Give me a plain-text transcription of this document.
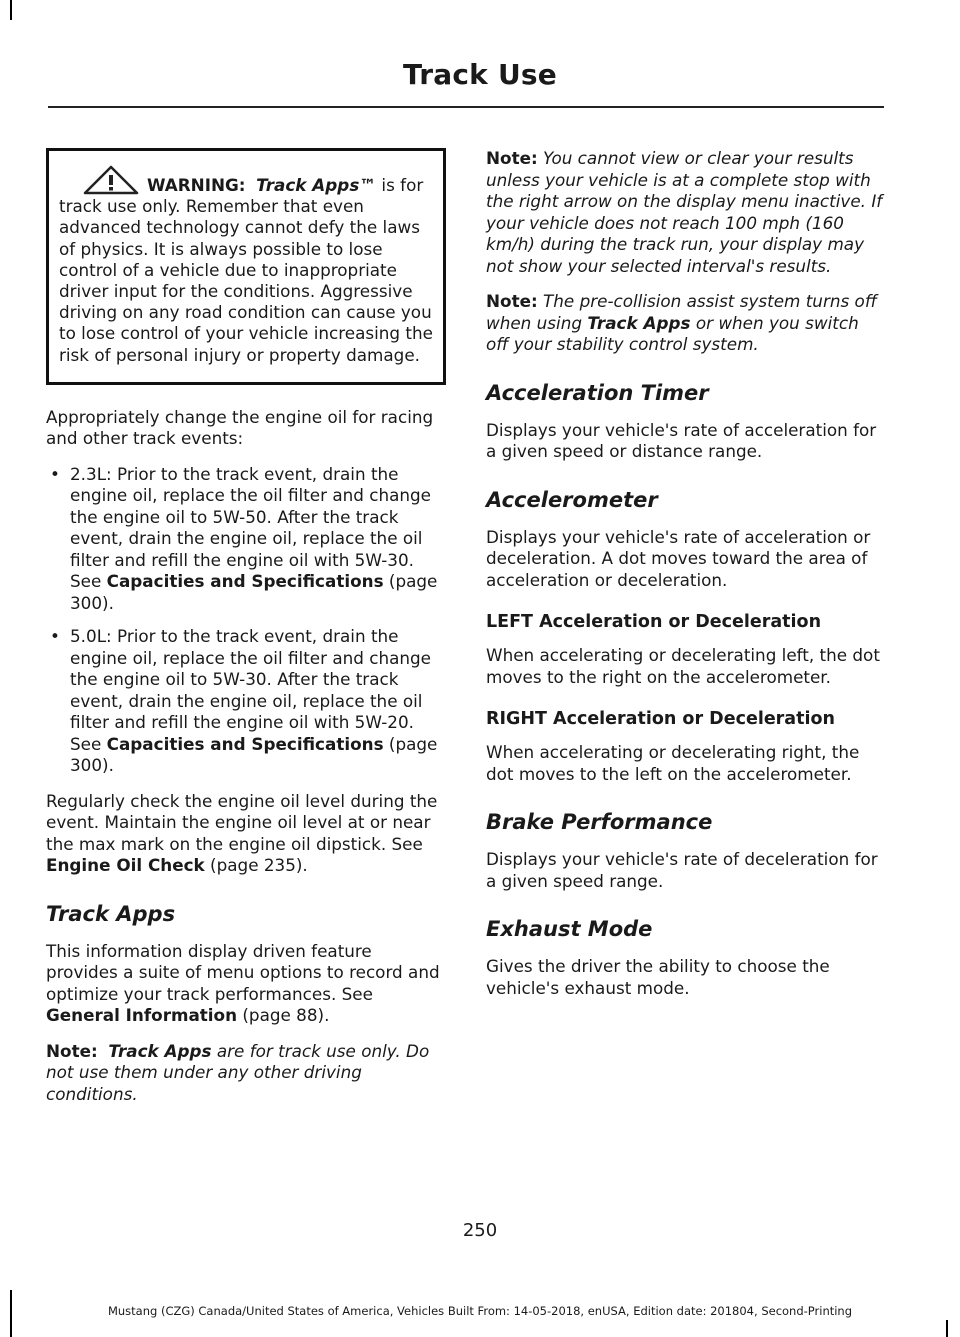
Track Use
WARNING: Track Apps™ is for track use only. Remember that even advanced technology cannot defy the laws of physics. It is always possible to lose control of a vehicle due to inappropriate driver input for the conditions. Aggressive driving on any road condition can cause you to lose control of your vehicle increasing the risk of personal injury or property damage.

Appropriately change the engine oil for racing and other track events:

• 2.3L: Prior to the track event, drain the engine oil, replace the oil filter and change the engine oil to 5W-50. After the track event, drain the engine oil, replace the oil filter and refill the engine oil with 5W-30. See Capacities and Specifications (page 300).
• 5.0L: Prior to the track event, drain the engine oil, replace the oil filter and change the engine oil to 5W-30. After the track event, drain the engine oil, replace the oil filter and refill the engine oil with 5W-20. See Capacities and Specifications (page 300).

Regularly check the engine oil level during the event. Maintain the engine oil level at or near the max mark on the engine oil dipstick. See Engine Oil Check (page 235).

Track Apps

This information display driven feature provides a suite of menu options to record and optimize your track performances. See General Information (page 88).

Note: Track Apps are for track use only. Do not use them under any other driving conditions.

Note: You cannot view or clear your results unless your vehicle is at a complete stop with the right arrow on the display menu inactive. If your vehicle does not reach 100 mph (160 km/h) during the track run, your display may not show your selected interval's results.

Note: The pre-collision assist system turns off when using Track Apps or when you switch off your stability control system.

Acceleration Timer

Displays your vehicle's rate of acceleration for a given speed or distance range.

Accelerometer

Displays your vehicle's rate of acceleration or deceleration. A dot moves toward the area of acceleration or deceleration.

LEFT Acceleration or Deceleration

When accelerating or decelerating left, the dot moves to the right on the accelerometer.

RIGHT Acceleration or Deceleration

When accelerating or decelerating right, the dot moves to the left on the accelerometer.

Brake Performance

Displays your vehicle's rate of deceleration for a given speed range.

Exhaust Mode

Gives the driver the ability to choose the vehicle's exhaust mode.

250
Mustang (CZG) Canada/United States of America, Vehicles Built From: 14-05-2018, enUSA, Edition date: 201804, Second-Printing
